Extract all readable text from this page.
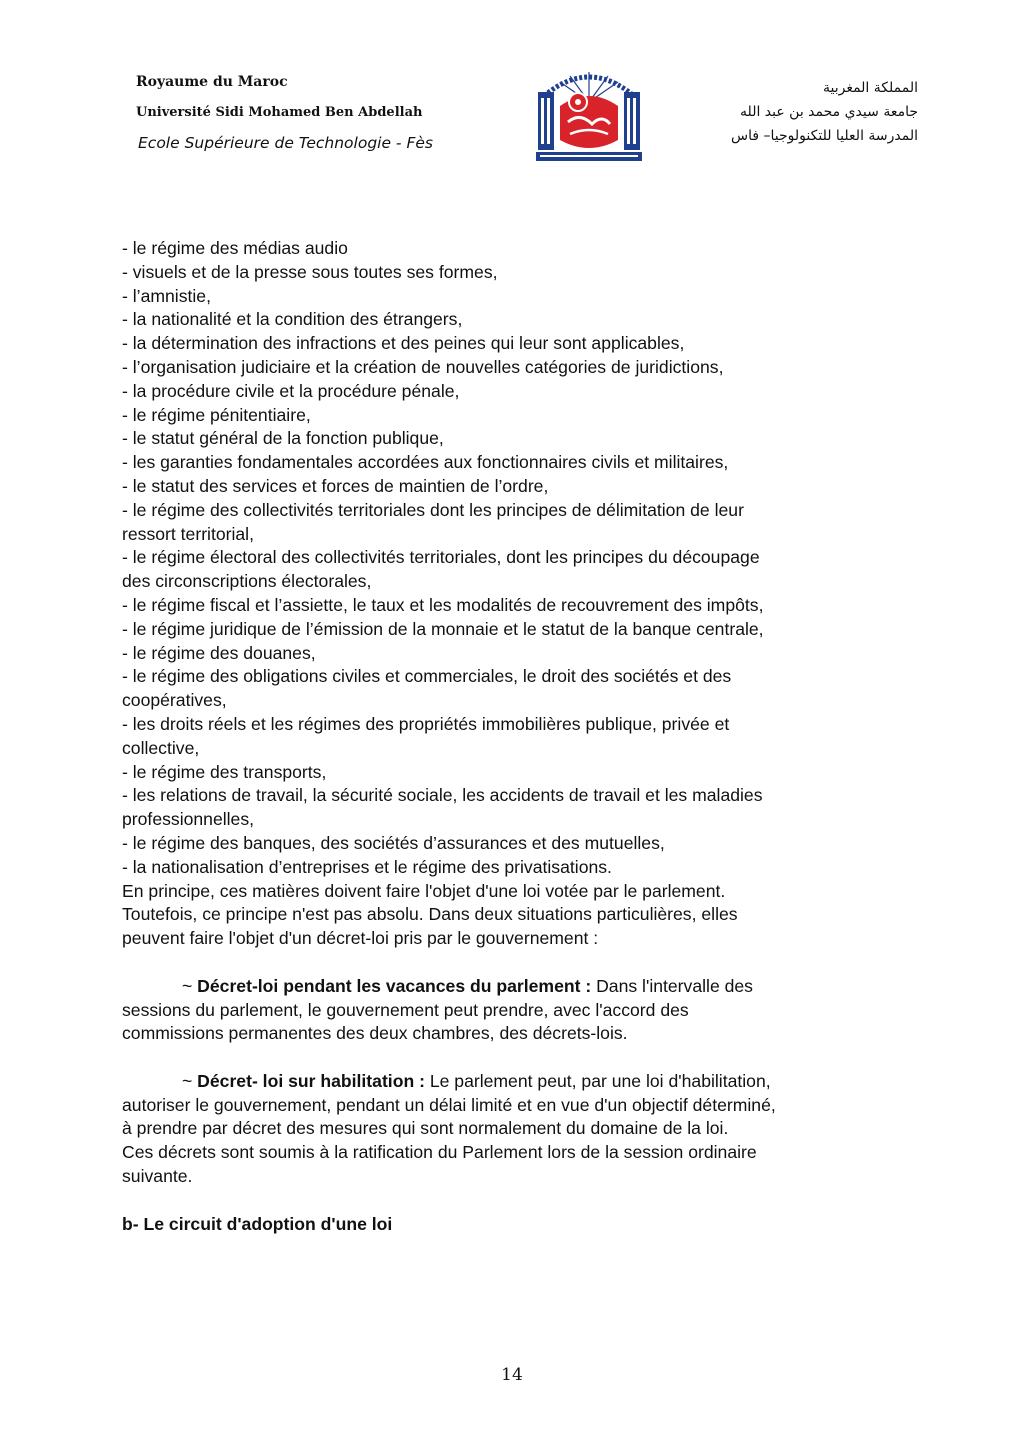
Royaume du Maroc
Université Sidi Mohamed Ben Abdellah
Ecole Supérieure de Technologie - Fès
المملكة المغربية
جامعة سيدي محمد بن عبد الله
المدرسة العليا للتكنولوجيا– فاس
- le régime des médias audio
- visuels et de la presse sous toutes ses formes,
- l’amnistie,
- la nationalité et la condition des étrangers,
- la détermination des infractions et des peines qui leur sont applicables,
- l’organisation judiciaire et la création de nouvelles catégories de juridictions,
- la procédure civile et la procédure pénale,
- le régime pénitentiaire,
- le statut général de la fonction publique,
- les garanties fondamentales accordées aux fonctionnaires civils et militaires,
- le statut des services et forces de maintien de l’ordre,
- le régime des collectivités territoriales dont les principes de délimitation de leur
ressort territorial,
- le régime électoral des collectivités territoriales, dont les principes du découpage
des circonscriptions électorales,
- le régime fiscal et l’assiette, le taux et les modalités de recouvrement des impôts,
- le régime juridique de l’émission de la monnaie et le statut de la banque centrale,
- le régime des douanes,
- le régime des obligations civiles et commerciales, le droit des sociétés et des
coopératives,
- les droits réels et les régimes des propriétés immobilières publique, privée et
collective,
- le régime des transports,
- les relations de travail, la sécurité sociale, les accidents de travail et les maladies
professionnelles,
- le régime des banques, des sociétés d’assurances et des mutuelles,
- la nationalisation d’entreprises et le régime des privatisations.
En principe, ces matières doivent faire l'objet d'une loi votée par le parlement.
Toutefois, ce principe n'est pas absolu. Dans deux situations particulières, elles
peuvent faire l'objet d'un décret-loi pris par le gouvernement :
~ Décret-loi pendant les vacances du parlement : Dans l'intervalle des
sessions du parlement, le gouvernement peut prendre, avec l'accord des
commissions permanentes des deux chambres, des décrets-lois.
~ Décret- loi sur habilitation : Le parlement peut, par une loi d'habilitation,
autoriser le gouvernement, pendant un délai limité et en vue d'un objectif déterminé,
à prendre par décret des mesures qui sont normalement du domaine de la loi.
Ces décrets sont soumis à la ratification du Parlement lors de la session ordinaire
suivante.
b- Le circuit d'adoption d'une loi
14
